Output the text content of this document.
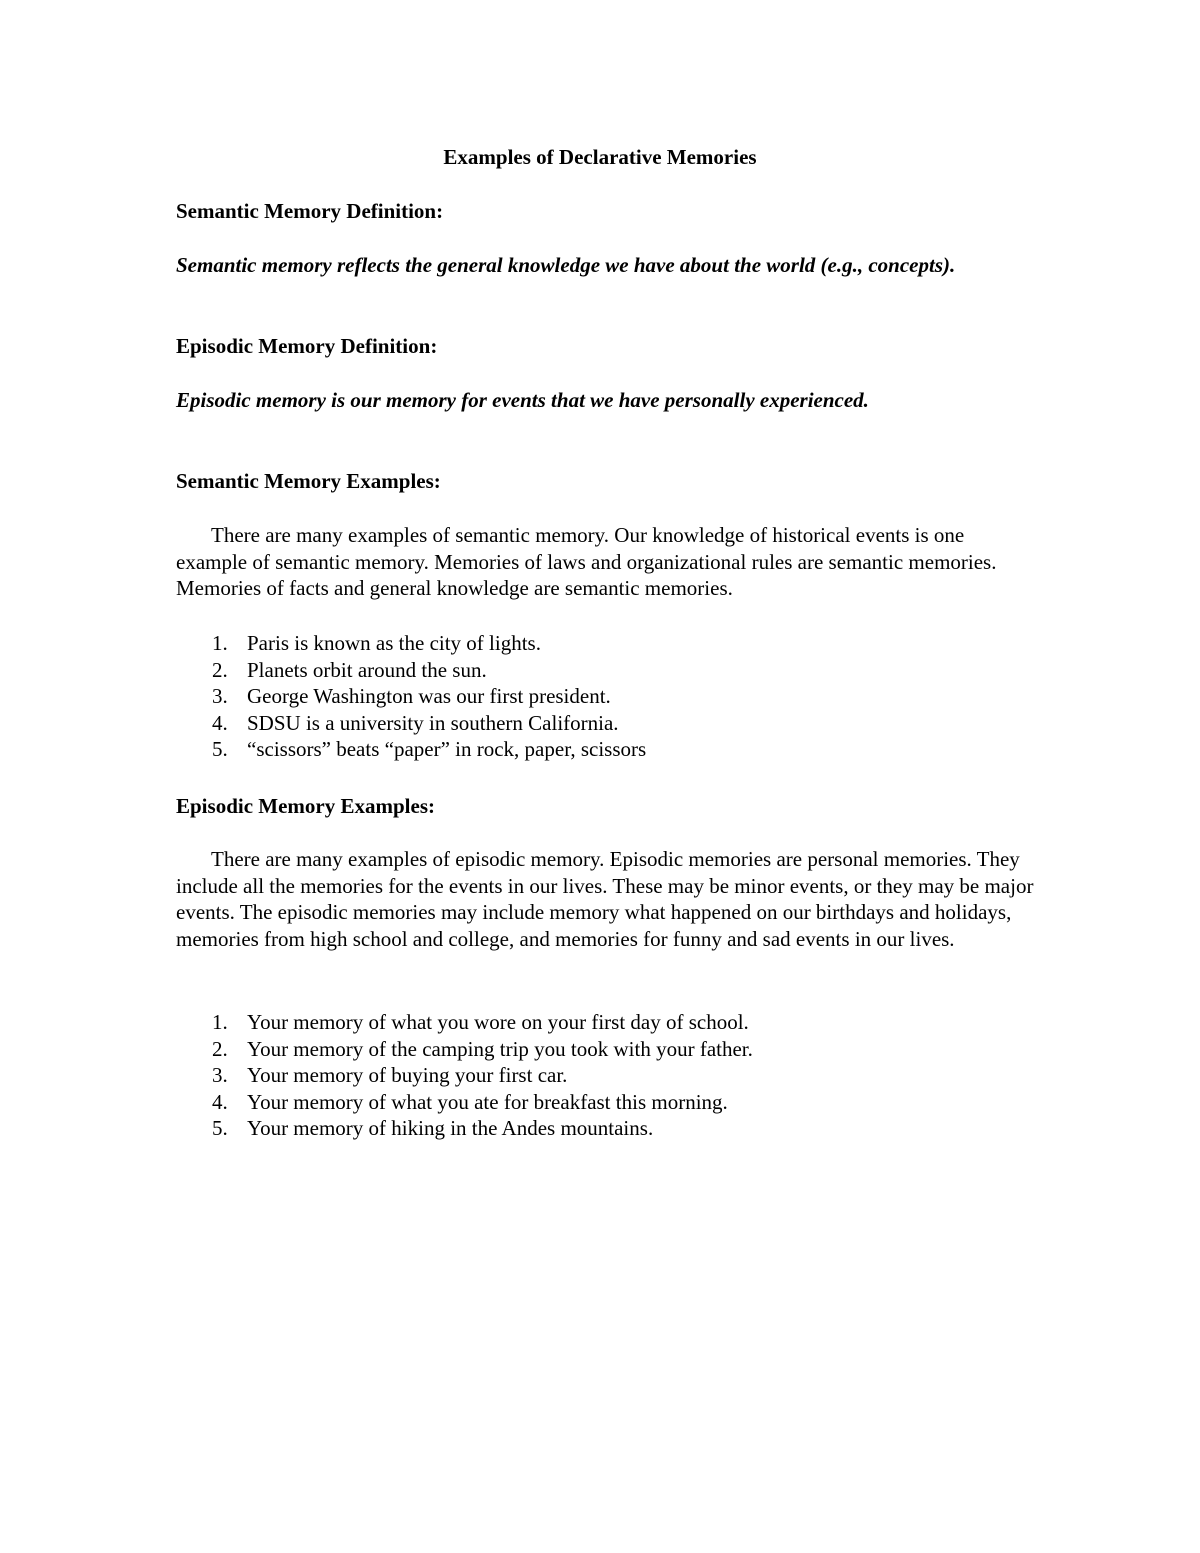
Examples of Declarative Memories

Semantic Memory Definition:

Semantic memory reflects the general knowledge we have about the world (e.g., concepts).

Episodic Memory Definition:

Episodic memory is our memory for events that we have personally experienced.

Semantic Memory Examples:

There are many examples of semantic memory. Our knowledge of historical events is one example of semantic memory. Memories of laws and organizational rules are semantic memories. Memories of facts and general knowledge are semantic memories.

1. Paris is known as the city of lights.
2. Planets orbit around the sun.
3. George Washington was our first president.
4. SDSU is a university in southern California.
5. “scissors” beats “paper” in rock, paper, scissors

Episodic Memory Examples:

There are many examples of episodic memory. Episodic memories are personal memories. They include all the memories for the events in our lives. These may be minor events, or they may be major events. The episodic memories may include memory what happened on our birthdays and holidays, memories from high school and college, and memories for funny and sad events in our lives.

1. Your memory of what you wore on your first day of school.
2. Your memory of the camping trip you took with your father.
3. Your memory of buying your first car.
4. Your memory of what you ate for breakfast this morning.
5. Your memory of hiking in the Andes mountains.
